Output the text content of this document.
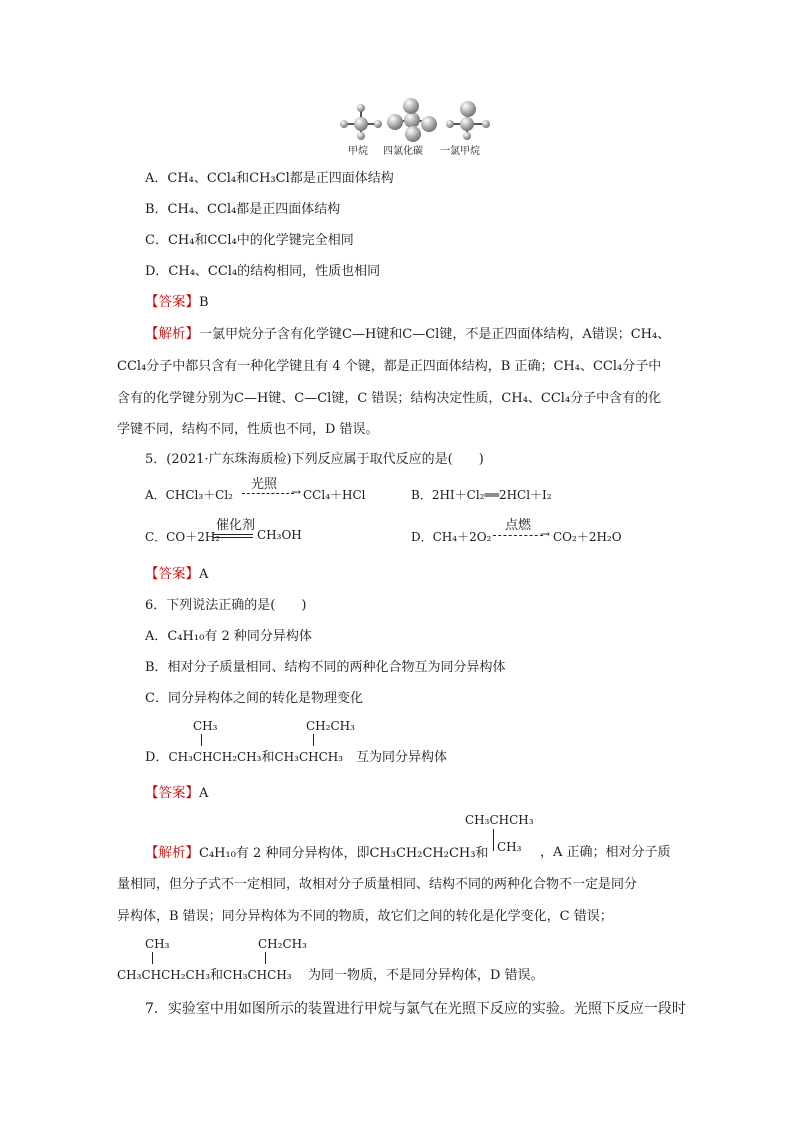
甲烷 四氯化碳 一氯甲烷
A．CH₄、CCl₄和CH₃Cl都是正四面体结构
B．CH₄、CCl₄都是正四面体结构
C．CH₄和CCl₄中的化学键完全相同
D．CH₄、CCl₄的结构相同，性质也相同
【答案】B
【解析】一氯甲烷分子含有化学键C—H键和C—Cl键，不是正四面体结构，A错误；CH₄、
CCl₄分子中都只含有一种化学键且有 4 个键，都是正四面体结构，B 正确；CH₄、CCl₄分子中
含有的化学键分别为C—H键、C—Cl键，C 错误；结构决定性质，CH₄、CCl₄分子中含有的化
学键不同，结构不同，性质也不同，D 错误。
5．(2021·广东珠海质检)下列反应属于取代反应的是(　　)
A．CHCl₃＋Cl₂
光照 → CCl₄＋HCl	B．2HI＋Cl₂══2HCl＋I₂
C．CO＋2H₂
催化剂
CH₃OH	D．CH₄＋2O₂
点燃
→ CO₂＋2H₂O
【答案】A
6．下列说法正确的是(　　)
A．C₄H₁₀有 2 种同分异构体
B．相对分子质量相同、结构不同的两种化合物互为同分异构体
C．同分异构体之间的转化是物理变化
CH₃	CH₂CH₃
D．CH₃CHCH₂CH₃和CH₃CHCH₃ 互为同分异构体
【答案】A
CH₃CHCH₃
CH₃
【解析】C₄H₁₀有 2 种同分异构体，即CH₃CH₂CH₂CH₃和	，A 正确；相对分子质
量相同，但分子式不一定相同，故相对分子质量相同、结构不同的两种化合物不一定是同分
异构体，B 错误；同分异构体为不同的物质，故它们之间的转化是化学变化，C 错误；
CH₃	CH₂CH₃
CH₃CHCH₂CH₃和CH₃CHCH₃ 为同一物质，不是同分异构体，D 错误。
7．实验室中用如图所示的装置进行甲烷与氯气在光照下反应的实验。光照下反应一段时
